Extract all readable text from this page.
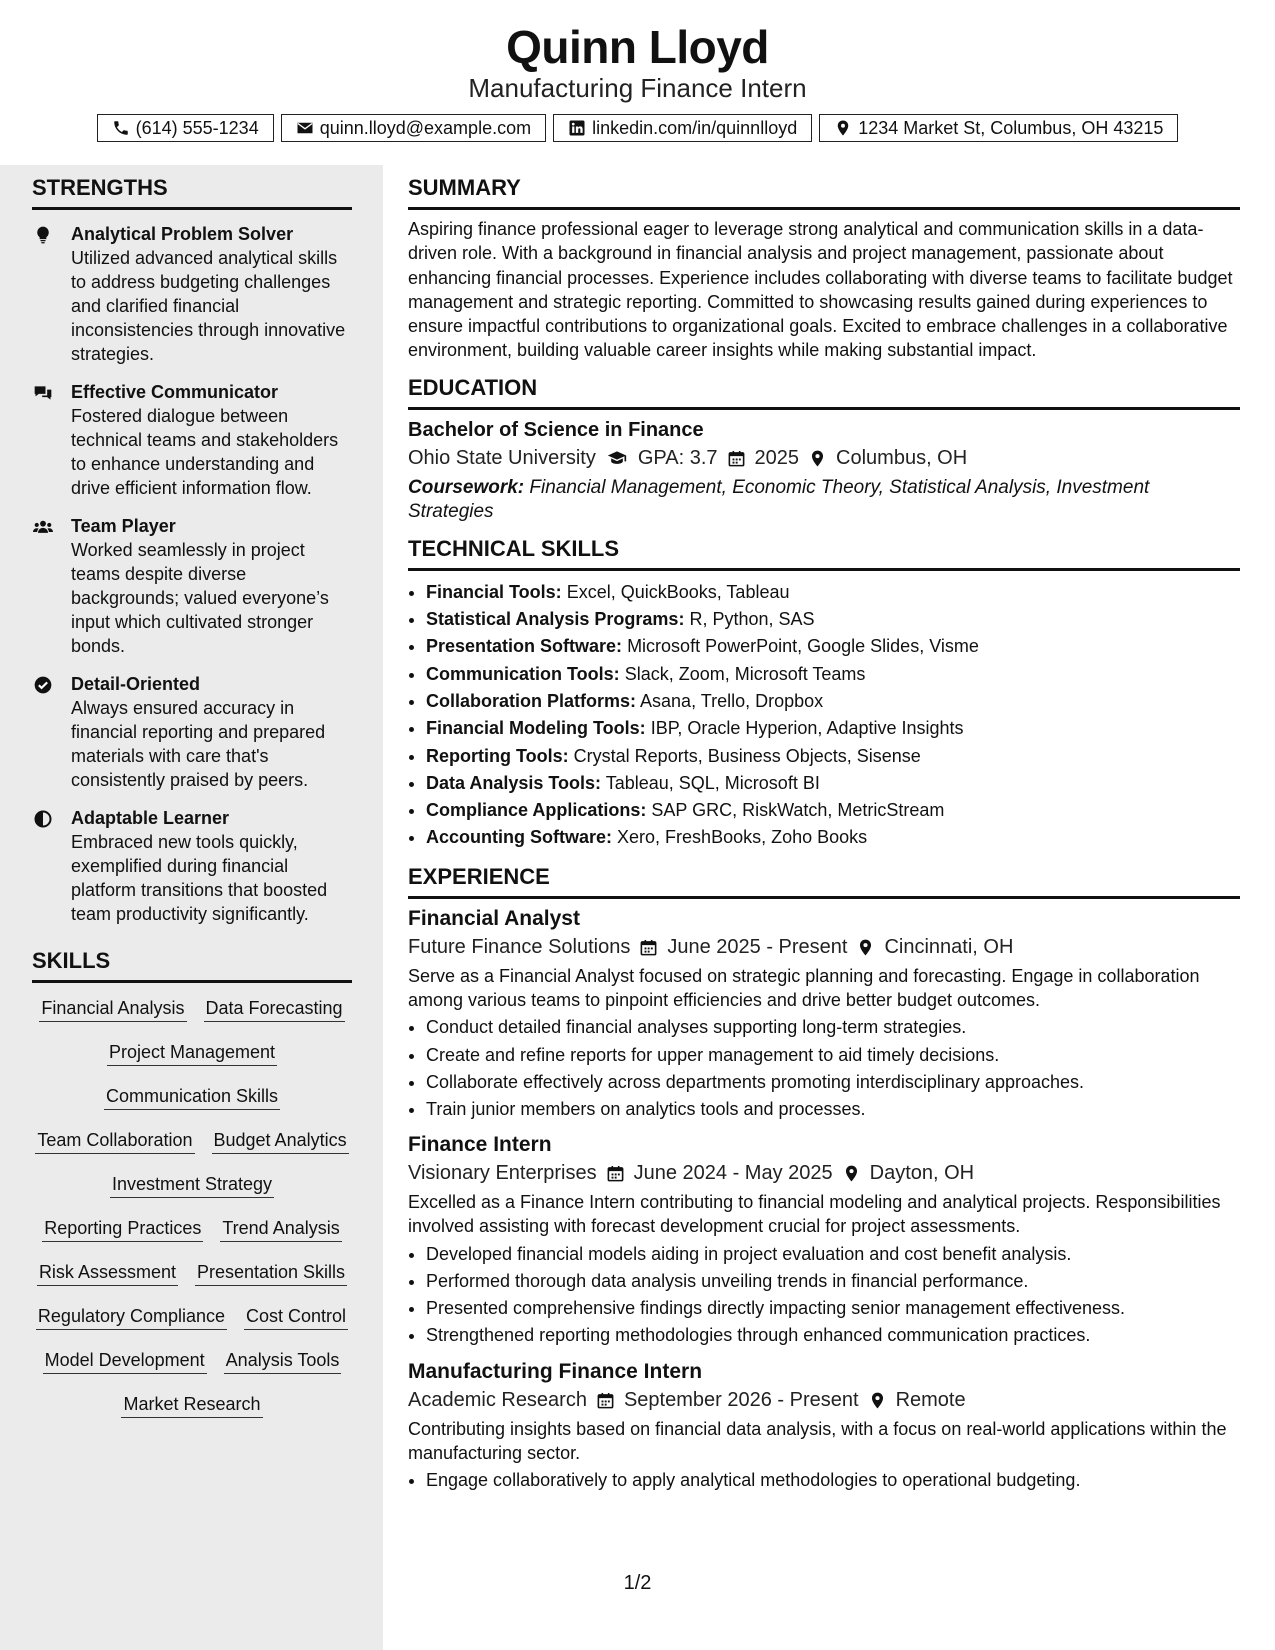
Quinn Lloyd
Manufacturing Finance Intern
(614) 555-1234	quinn.lloyd@example.com	linkedin.com/in/quinnlloyd	1234 Market St, Columbus, OH 43215
STRENGTHS
Analytical Problem Solver
Utilized advanced analytical skills to address budgeting challenges and clarified financial inconsistencies through innovative strategies.
Effective Communicator
Fostered dialogue between technical teams and stakeholders to enhance understanding and drive efficient information flow.
Team Player
Worked seamlessly in project teams despite diverse backgrounds; valued everyone’s input which cultivated stronger bonds.
Detail-Oriented
Always ensured accuracy in financial reporting and prepared materials with care that's consistently praised by peers.
Adaptable Learner
Embraced new tools quickly, exemplified during financial platform transitions that boosted team productivity significantly.
SKILLS
Financial Analysis Data Forecasting
Project Management
Communication Skills
Team Collaboration Budget Analytics
Investment Strategy
Reporting Practices Trend Analysis
Risk Assessment Presentation Skills
Regulatory Compliance Cost Control
Model Development Analysis Tools
Market Research
SUMMARY
Aspiring finance professional eager to leverage strong analytical and communication skills in a data-driven role. With a background in financial analysis and project management, passionate about enhancing financial processes. Experience includes collaborating with diverse teams to facilitate budget management and strategic reporting. Committed to showcasing results gained during experiences to ensure impactful contributions to organizational goals. Excited to embrace challenges in a collaborative environment, building valuable career insights while making substantial impact.
EDUCATION
Bachelor of Science in Finance
Ohio State University GPA: 3.7 2025 Columbus, OH
Coursework: Financial Management, Economic Theory, Statistical Analysis, Investment Strategies
TECHNICAL SKILLS
• Financial Tools: Excel, QuickBooks, Tableau
• Statistical Analysis Programs: R, Python, SAS
• Presentation Software: Microsoft PowerPoint, Google Slides, Visme
• Communication Tools: Slack, Zoom, Microsoft Teams
• Collaboration Platforms: Asana, Trello, Dropbox
• Financial Modeling Tools: IBP, Oracle Hyperion, Adaptive Insights
• Reporting Tools: Crystal Reports, Business Objects, Sisense
• Data Analysis Tools: Tableau, SQL, Microsoft BI
• Compliance Applications: SAP GRC, RiskWatch, MetricStream
• Accounting Software: Xero, FreshBooks, Zoho Books
EXPERIENCE
Financial Analyst
Future Finance Solutions June 2025 - Present Cincinnati, OH
Serve as a Financial Analyst focused on strategic planning and forecasting. Engage in collaboration among various teams to pinpoint efficiencies and drive better budget outcomes.
• Conduct detailed financial analyses supporting long-term strategies.
• Create and refine reports for upper management to aid timely decisions.
• Collaborate effectively across departments promoting interdisciplinary approaches.
• Train junior members on analytics tools and processes.
Finance Intern
Visionary Enterprises June 2024 - May 2025 Dayton, OH
Excelled as a Finance Intern contributing to financial modeling and analytical projects. Responsibilities involved assisting with forecast development crucial for project assessments.
• Developed financial models aiding in project evaluation and cost benefit analysis.
• Performed thorough data analysis unveiling trends in financial performance.
• Presented comprehensive findings directly impacting senior management effectiveness.
• Strengthened reporting methodologies through enhanced communication practices.
Manufacturing Finance Intern
Academic Research September 2026 - Present Remote
Contributing insights based on financial data analysis, with a focus on real-world applications within the manufacturing sector.
• Engage collaboratively to apply analytical methodologies to operational budgeting.
1/2
